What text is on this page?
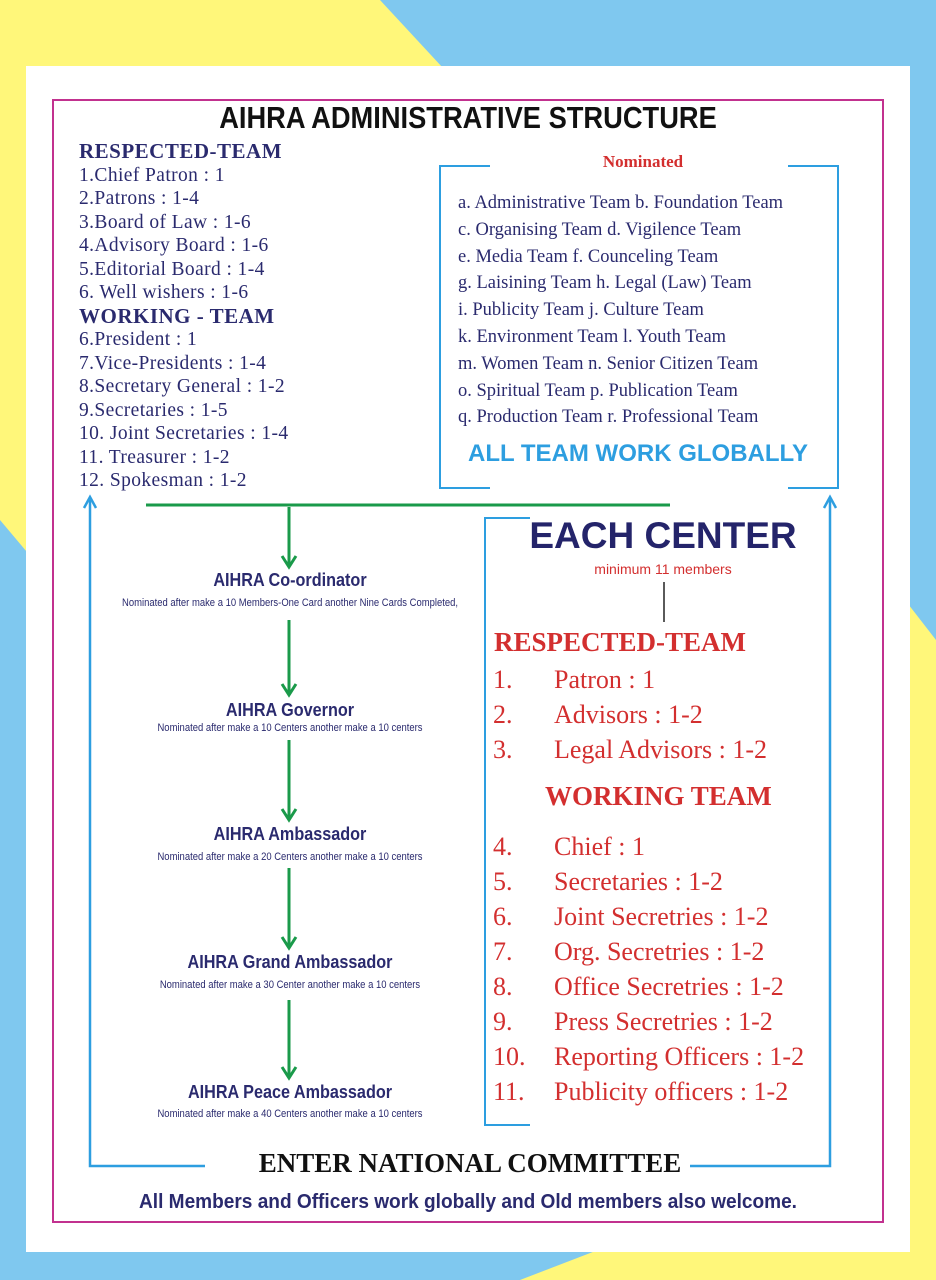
AIHRA ADMINISTRATIVE STRUCTURE
RESPECTED-TEAM
1.Chief Patron : 1
2.Patrons : 1-4
3.Board of Law : 1-6
4.Advisory Board : 1-6
5.Editorial Board : 1-4
6. Well wishers : 1-6
WORKING - TEAM
6.President : 1
7.Vice-Presidents : 1-4
8.Secretary General : 1-2
9.Secretaries : 1-5
10. Joint Secretaries : 1-4
11. Treasurer : 1-2
12. Spokesman : 1-2
Nominated
a. Administrative Team b. Foundation Team
c. Organising Team d. Vigilence Team
e. Media Team f. Counceling Team
g. Laisining Team h. Legal (Law) Team
i. Publicity Team j. Culture Team
k. Environment Team l. Youth Team
m. Women Team n. Senior Citizen Team
o. Spiritual Team p. Publication Team
q. Production Team r. Professional Team
ALL TEAM WORK GLOBALLY
AIHRA Co-ordinator
Nominated after make a 10 Members-One Card another Nine Cards Completed,
AIHRA Governor
Nominated after make a 10 Centers another make a 10 centers
AIHRA Ambassador
Nominated after make a 20 Centers another make a 10 centers
AIHRA Grand Ambassador
Nominated after make a 30 Center another make a 10 centers
AIHRA Peace Ambassador
Nominated after make a 40 Centers another make a 10 centers
EACH CENTER
minimum 11 members
RESPECTED-TEAM
1. Patron : 1
2. Advisors : 1-2
3. Legal Advisors : 1-2
WORKING TEAM
4. Chief : 1
5. Secretaries : 1-2
6. Joint Secretries : 1-2
7. Org. Secretries : 1-2
8. Office Secretries : 1-2
9. Press Secretries : 1-2
10. Reporting Officers : 1-2
11. Publicity officers : 1-2
ENTER NATIONAL COMMITTEE
All Members and Officers work globally and Old members also welcome.
